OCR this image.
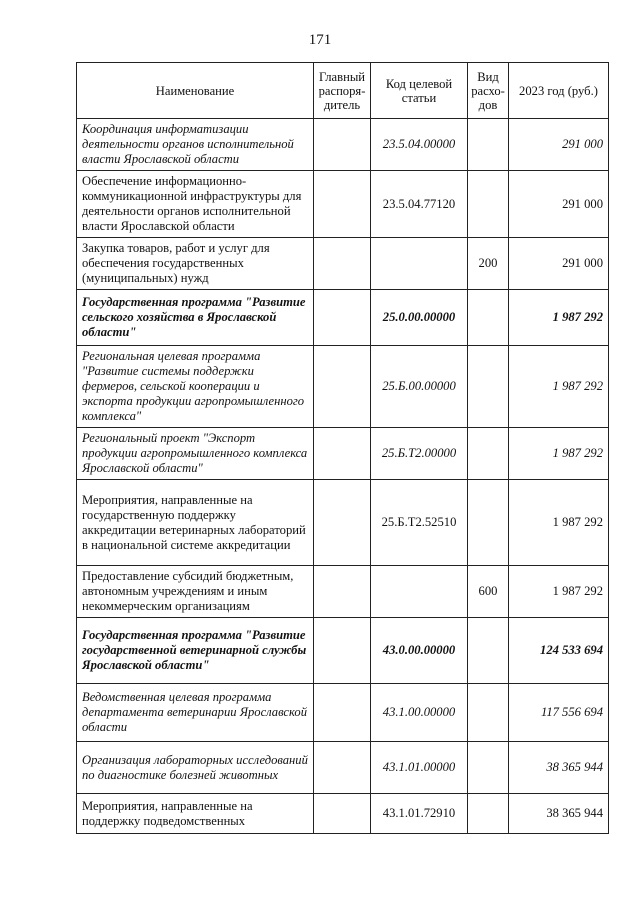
171
Наименование	Главный распоря-дитель	Код целевой статьи	Вид расхо-дов	2023 год (руб.)
Координация информатизации деятельности органов исполнительной власти Ярославской области		23.5.04.00000		291 000
Обеспечение информационно-коммуникационной инфраструктуры для деятельности органов исполнительной власти Ярославской области		23.5.04.77120		291 000
Закупка товаров, работ и услуг для обеспечения государственных (муниципальных) нужд			200	291 000
Государственная программа "Развитие сельского хозяйства в Ярославской области"		25.0.00.00000		1 987 292
Региональная целевая программа "Развитие системы поддержки фермеров, сельской кооперации и экспорта продукции агропромышленного комплекса"		25.Б.00.00000		1 987 292
Региональный проект "Экспорт продукции агропромышленного комплекса Ярославской области"		25.Б.Т2.00000		1 987 292
Мероприятия, направленные на государственную поддержку аккредитации ветеринарных лабораторий в национальной системе аккредитации		25.Б.Т2.52510		1 987 292
Предоставление субсидий бюджетным, автономным учреждениям и иным некоммерческим организациям			600	1 987 292
Государственная программа "Развитие государственной ветеринарной службы Ярославской области"		43.0.00.00000		124 533 694
Ведомственная целевая программа департамента ветеринарии Ярославской области		43.1.00.00000		117 556 694
Организация лабораторных исследований по диагностике болезней животных		43.1.01.00000		38 365 944
Мероприятия, направленные на поддержку подведомственных		43.1.01.72910		38 365 944
